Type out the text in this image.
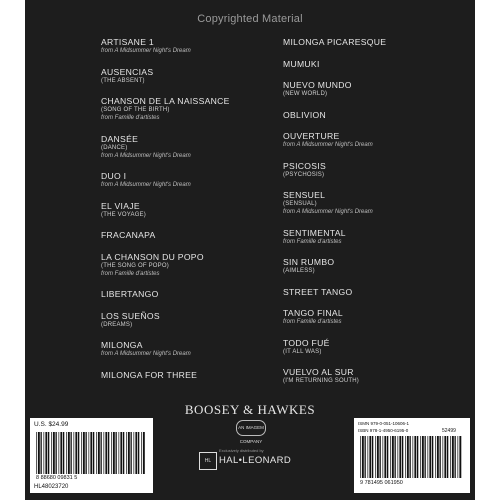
Copyrighted Material
ARTISANE 1
from A Midsummer Night's Dream
AUSENCIAS
(THE ABSENT)
CHANSON DE LA NAISSANCE
(SONG OF THE BIRTH)
from Famille d'artistes
DANSÉE
(DANCE)
from A Midsummer Night's Dream
DUO I
from A Midsummer Night's Dream
EL VIAJE
(THE VOYAGE)
FRACANAPA
LA CHANSON DU POPO
(THE SONG OF POPO)
from Famille d'artistes
LIBERTANGO
LOS SUEÑOS
(DREAMS)
MILONGA
from A Midsummer Night's Dream
MILONGA FOR THREE
MILONGA PICARESQUE
MUMUKI
NUEVO MUNDO
(NEW WORLD)
OBLIVION
OUVERTURE
from A Midsummer Night's Dream
PSICOSIS
(PSYCHOSIS)
SENSUEL
(SENSUAL)
from A Midsummer Night's Dream
SENTIMENTAL
from Famille d'artistes
SIN RUMBO
(AIMLESS)
STREET TANGO
TANGO FINAL
from Famille d'artistes
TODO FUÉ
(IT ALL WAS)
VUELVO AL SUR
(I'M RETURNING SOUTH)
BOOSEY & HAWKES
AN IMAGEM COMPANY
Exclusively distributed by
HL HAL•LEONARD
U.S. $24.99
8 88680 09831 5
HL48023720
ISMN 979-0-051-10606-1
ISBN 978-1-4950-6195-0	52499
9 781495 061950
